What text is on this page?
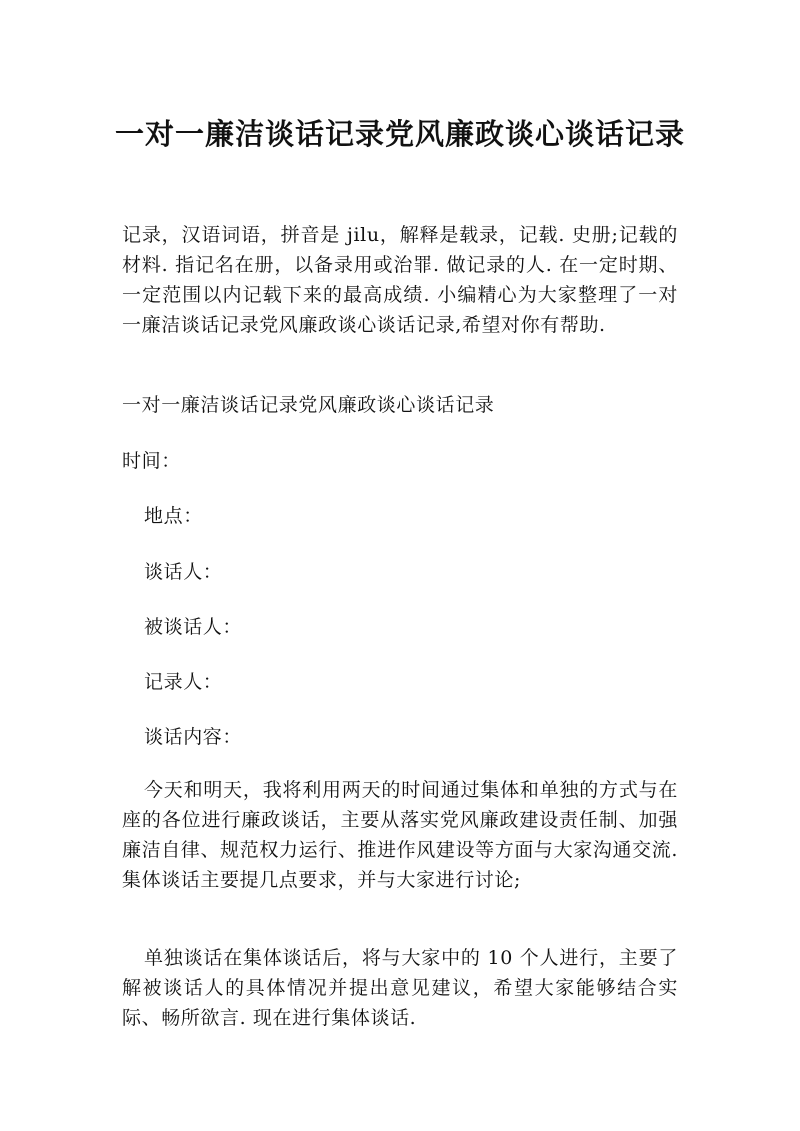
一对一廉洁谈话记录党风廉政谈心谈话记录
记录，汉语词语，拼音是 jilu，解释是载录，记载. 史册;记载的材料. 指记名在册，以备录用或治罪. 做记录的人. 在一定时期、一定范围以内记载下来的最高成绩. 小编精心为大家整理了一对一廉洁谈话记录党风廉政谈心谈话记录,希望对你有帮助.
一对一廉洁谈话记录党风廉政谈心谈话记录
时间：
地点：
谈话人：
被谈话人：
记录人：
谈话内容：
今天和明天，我将利用两天的时间通过集体和单独的方式与在座的各位进行廉政谈话，主要从落实党风廉政建设责任制、加强廉洁自律、规范权力运行、推进作风建设等方面与大家沟通交流. 集体谈话主要提几点要求，并与大家进行讨论;
单独谈话在集体谈话后，将与大家中的 10 个人进行，主要了解被谈话人的具体情况并提出意见建议，希望大家能够结合实际、畅所欲言. 现在进行集体谈话.
